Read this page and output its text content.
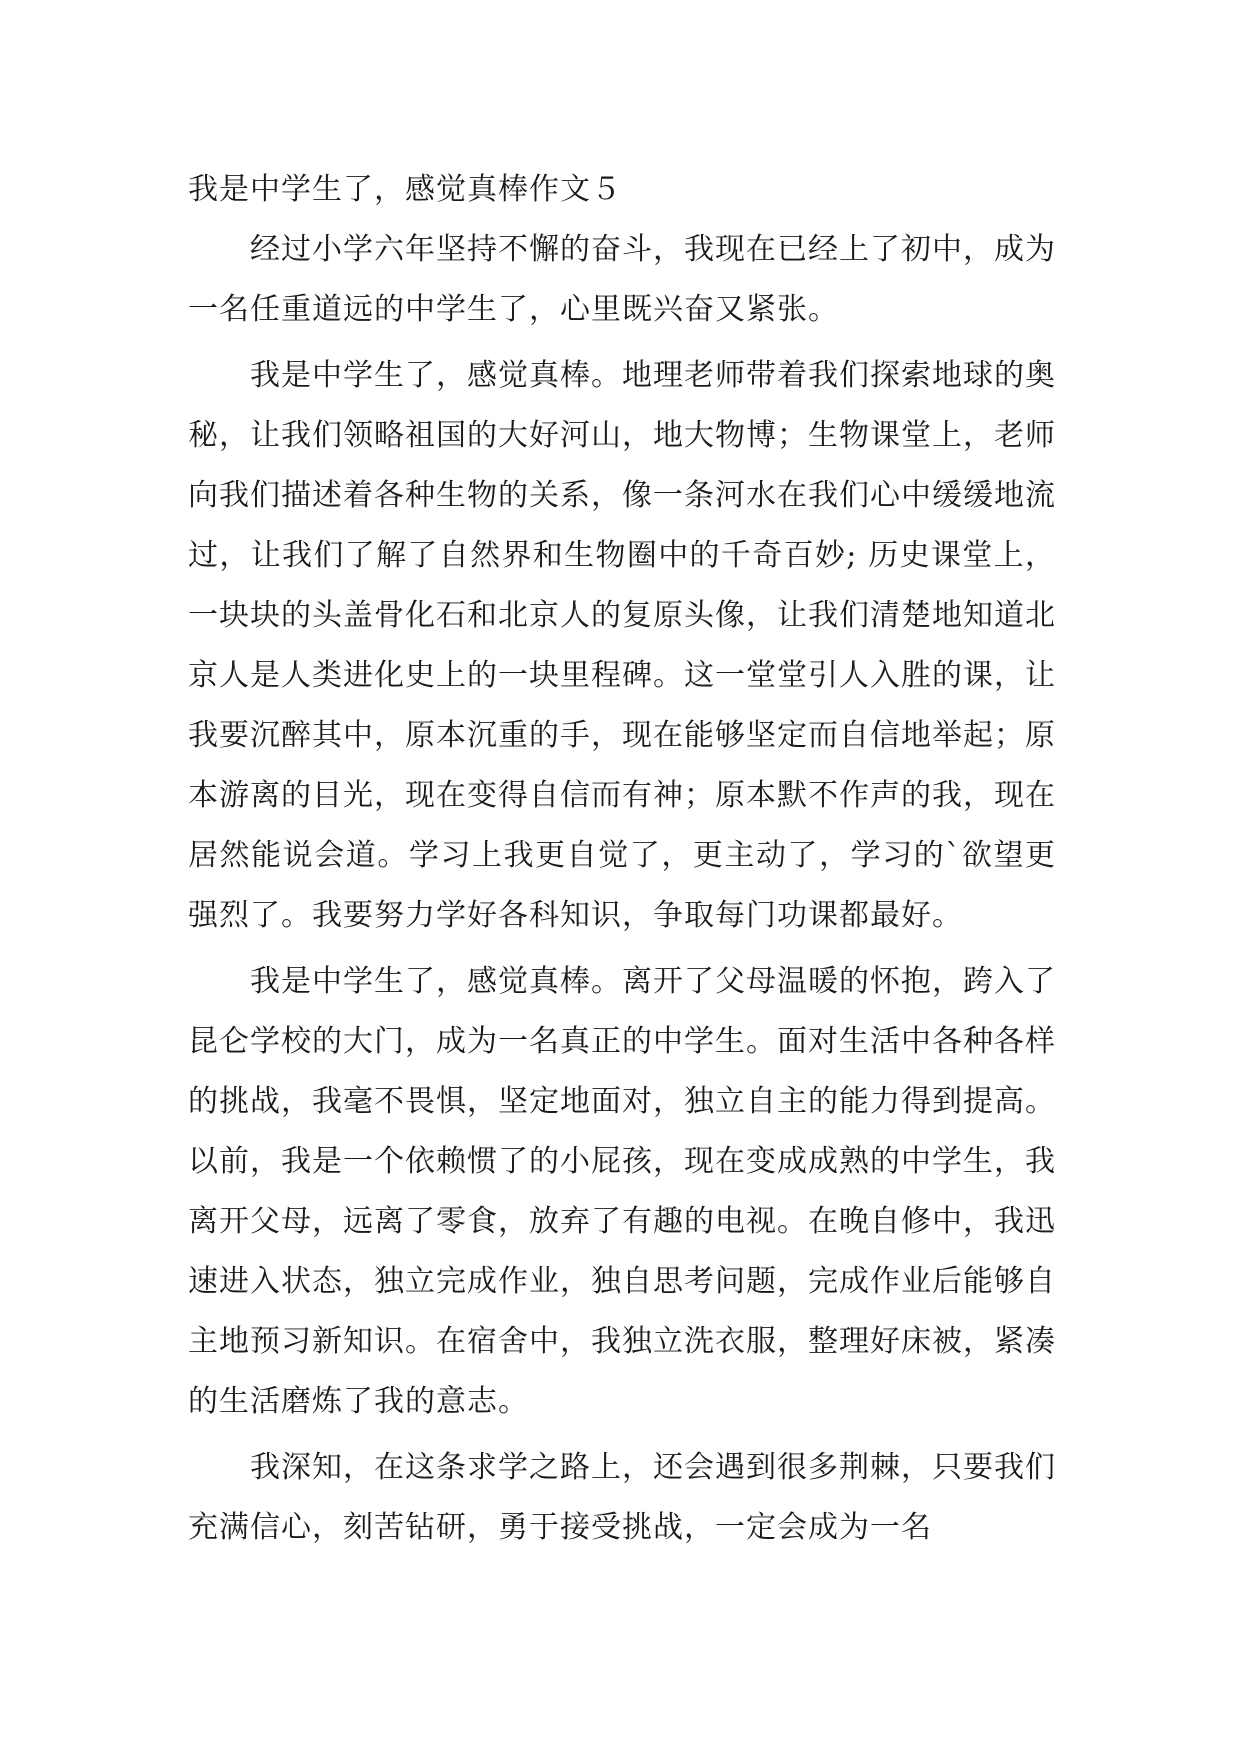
我是中学生了，感觉真棒作文５

经过小学六年坚持不懈的奋斗，我现在已经上了初中，成为一名任重道远的中学生了，心里既兴奋又紧张。

我是中学生了，感觉真棒。地理老师带着我们探索地球的奥秘，让我们领略祖国的大好河山，地大物博；生物课堂上，老师向我们描述着各种生物的关系，像一条河水在我们心中缓缓地流过，让我们了解了自然界和生物圈中的千奇百妙; 历史课堂上，一块块的头盖骨化石和北京人的复原头像，让我们清楚地知道北京人是人类进化史上的一块里程碑。这一堂堂引人入胜的课，让我要沉醉其中，原本沉重的手，现在能够坚定而自信地举起；原本游离的目光，现在变得自信而有神；原本默不作声的我，现在居然能说会道。学习上我更自觉了，更主动了，学习的`欲望更强烈了。我要努力学好各科知识，争取每门功课都最好。

我是中学生了，感觉真棒。离开了父母温暖的怀抱，跨入了昆仑学校的大门，成为一名真正的中学生。面对生活中各种各样的挑战，我毫不畏惧，坚定地面对，独立自主的能力得到提高。以前，我是一个依赖惯了的小屁孩，现在变成成熟的中学生，我离开父母，远离了零食，放弃了有趣的电视。在晚自修中，我迅速进入状态，独立完成作业，独自思考问题，完成作业后能够自主地预习新知识。在宿舍中，我独立洗衣服，整理好床被，紧凑的生活磨炼了我的意志。

我深知，在这条求学之路上，还会遇到很多荆棘，只要我们充满信心，刻苦钻研，勇于接受挑战，一定会成为一名
